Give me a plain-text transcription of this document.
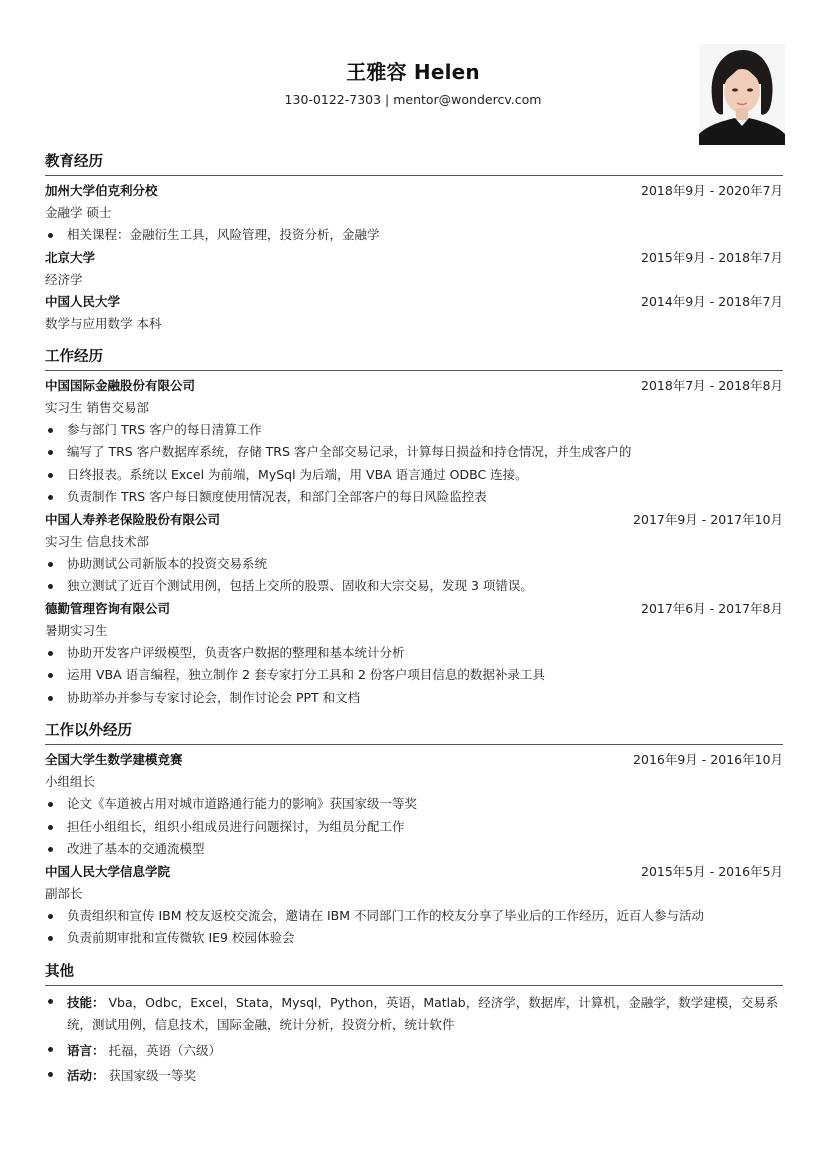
王雅容 Helen
130-0122-7303 | mentor@wondercv.com
教育经历
加州大学伯克利分校	2018年9月 - 2020年7月
金融学 硕士
相关课程：金融衍生工具，风险管理，投资分析，金融学
北京大学	2015年9月 - 2018年7月
经济学
中国人民大学	2014年9月 - 2018年7月
数学与应用数学 本科
工作经历
中国国际金融股份有限公司	2018年7月 - 2018年8月
实习生 销售交易部
参与部门 TRS 客户的每日清算工作
编写了 TRS 客户数据库系统，存储 TRS 客户全部交易记录，计算每日损益和持仓情况，并生成客户的
日终报表。系统以 Excel 为前端，MySql 为后端，用 VBA 语言通过 ODBC 连接。
负责制作 TRS 客户每日额度使用情况表，和部门全部客户的每日风险监控表
中国人寿养老保险股份有限公司	2017年9月 - 2017年10月
实习生 信息技术部
协助测试公司新版本的投资交易系统
独立测试了近百个测试用例，包括上交所的股票、固收和大宗交易，发现 3 项错误。
德勤管理咨询有限公司	2017年6月 - 2017年8月
暑期实习生
协助开发客户评级模型，负责客户数据的整理和基本统计分析
运用 VBA 语言编程，独立制作 2 套专家打分工具和 2 份客户项目信息的数据补录工具
协助举办并参与专家讨论会，制作讨论会 PPT 和文档
工作以外经历
全国大学生数学建模竞赛	2016年9月 - 2016年10月
小组组长
论文《车道被占用对城市道路通行能力的影响》获国家级一等奖
担任小组组长，组织小组成员进行问题探讨，为组员分配工作
改进了基本的交通流模型
中国人民大学信息学院	2015年5月 - 2016年5月
副部长
负责组织和宣传 IBM 校友返校交流会，邀请在 IBM 不同部门工作的校友分享了毕业后的工作经历，近百人参与活动
负责前期审批和宣传微软 IE9 校园体验会
其他
技能： Vba，Odbc，Excel，Stata，Mysql，Python，英语，Matlab，经济学，数据库，计算机，金融学，数学建模，交易系统，测试用例，信息技术，国际金融，统计分析，投资分析，统计软件
语言： 托福，英语（六级）
活动： 获国家级一等奖
